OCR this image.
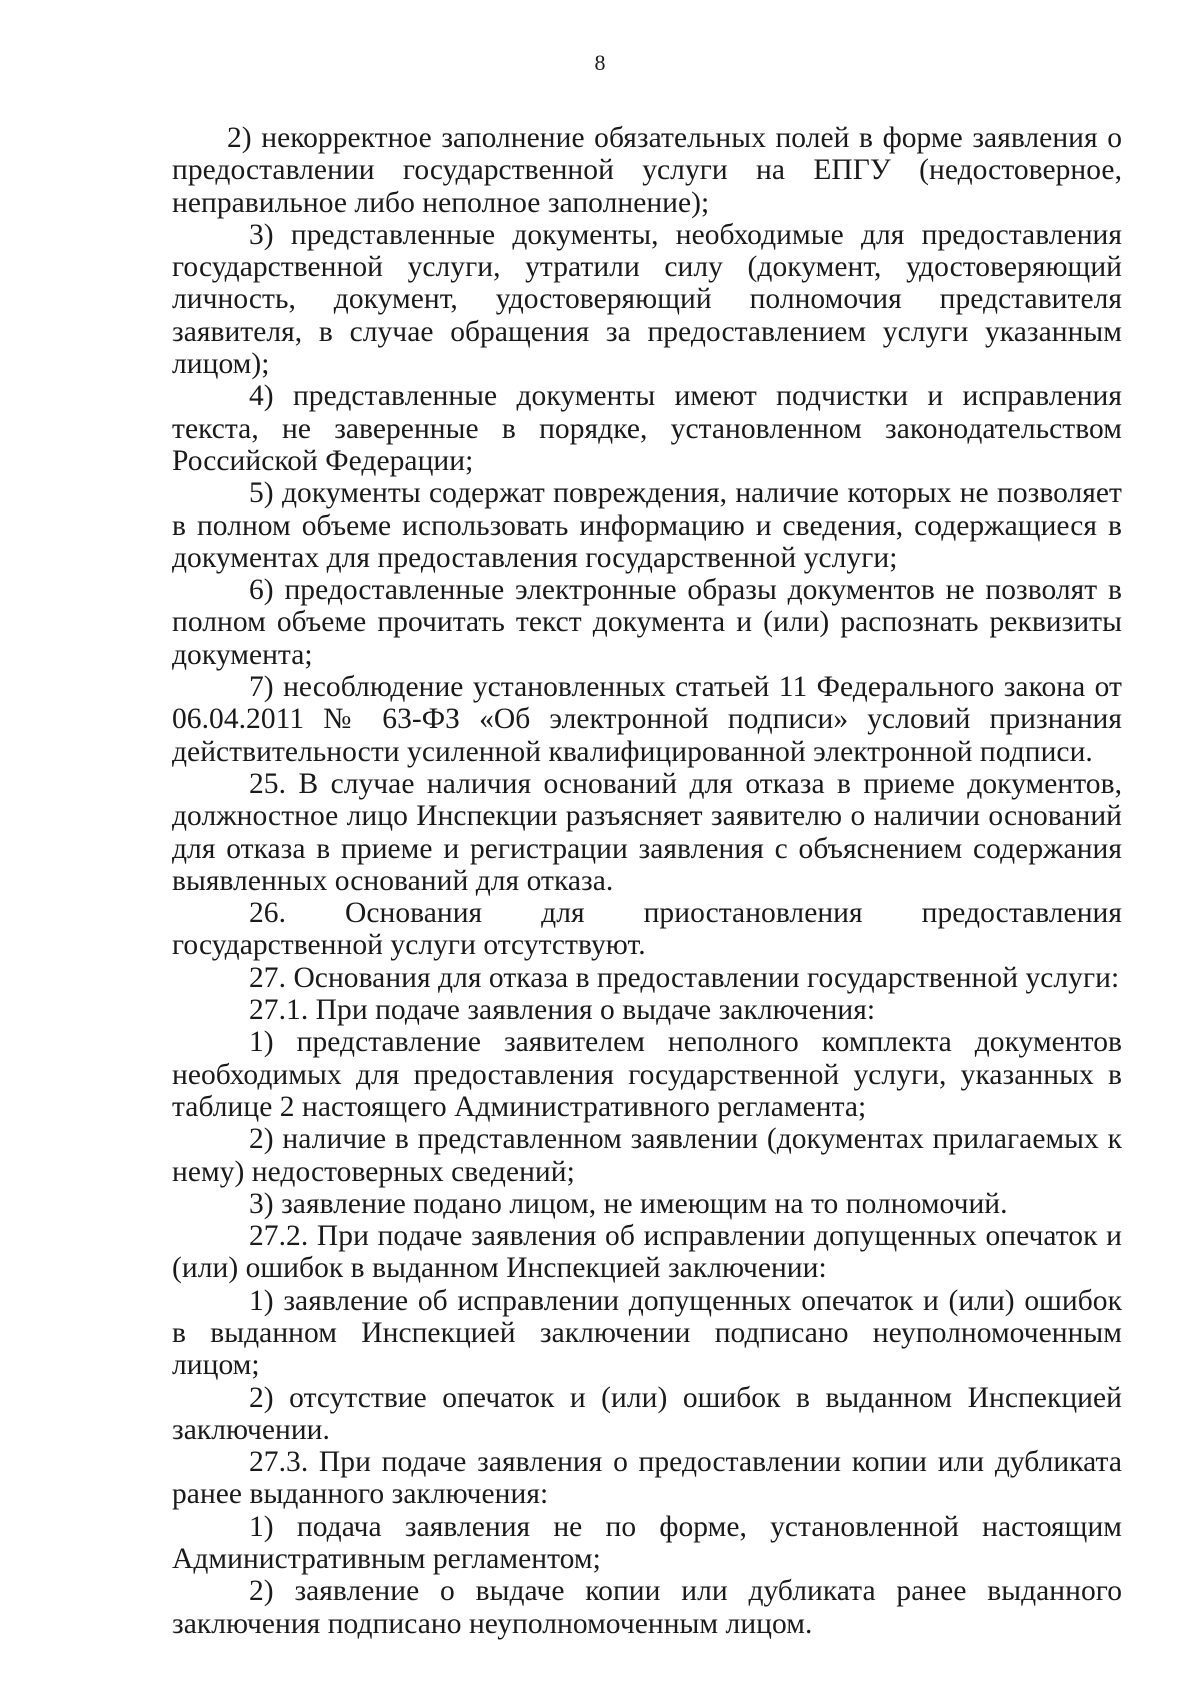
8

2) некорректное заполнение обязательных полей в форме заявления о предоставлении государственной услуги на ЕПГУ (недостоверное, неправильное либо неполное заполнение);

3) представленные документы, необходимые для предоставления государственной услуги, утратили силу (документ, удостоверяющий личность, документ, удостоверяющий полномочия представителя заявителя, в случае обращения за предоставлением услуги указанным лицом);

4) представленные документы имеют подчистки и исправления текста, не заверенные в порядке, установленном законодательством Российской Федерации;

5) документы содержат повреждения, наличие которых не позволяет в полном объеме использовать информацию и сведения, содержащиеся в документах для предоставления государственной услуги;

6) предоставленные электронные образы документов не позволят в полном объеме прочитать текст документа и (или) распознать реквизиты документа;

7) несоблюдение установленных статьей 11 Федерального закона от 06.04.2011 № 63-ФЗ «Об электронной подписи» условий признания действительности усиленной квалифицированной электронной подписи.

25. В случае наличия оснований для отказа в приеме документов, должностное лицо Инспекции разъясняет заявителю о наличии оснований для отказа в приеме и регистрации заявления с объяснением содержания выявленных оснований для отказа.

26. Основания для приостановления предоставления государственной услуги отсутствуют.

27. Основания для отказа в предоставлении государственной услуги:

27.1. При подаче заявления о выдаче заключения:

1) представление заявителем неполного комплекта документов необходимых для предоставления государственной услуги, указанных в таблице 2 настоящего Административного регламента;

2) наличие в представленном заявлении (документах прилагаемых к нему) недостоверных сведений;

3) заявление подано лицом, не имеющим на то полномочий.

27.2. При подаче заявления об исправлении допущенных опечаток и (или) ошибок в выданном Инспекцией заключении:

1) заявление об исправлении допущенных опечаток и (или) ошибок в выданном Инспекцией заключении подписано неуполномоченным лицом;

2) отсутствие опечаток и (или) ошибок в выданном Инспекцией заключении.

27.3. При подаче заявления о предоставлении копии или дубликата ранее выданного заключения:

1) подача заявления не по форме, установленной настоящим Административным регламентом;

2) заявление о выдаче копии или дубликата ранее выданного заключения подписано неуполномоченным лицом.
